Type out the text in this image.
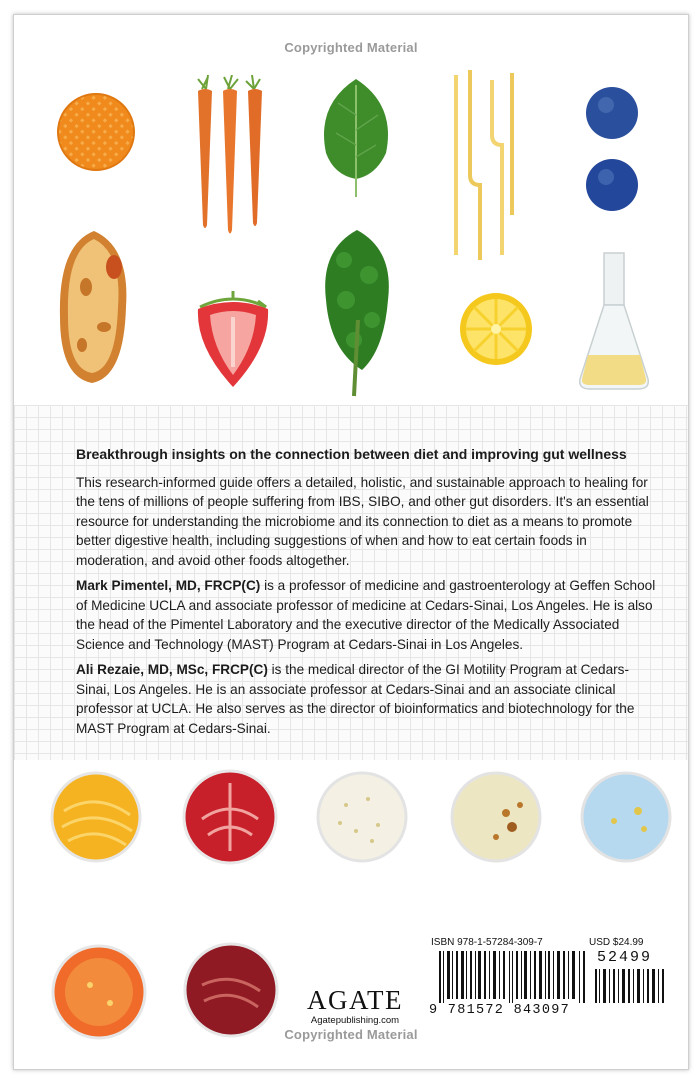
Copyrighted Material
Breakthrough insights on the connection between diet and improving gut wellness
This research-informed guide offers a detailed, holistic, and sustainable approach to healing for the tens of millions of people suffering from IBS, SIBO, and other gut disorders. It's an essential resource for understanding the microbiome and its connection to diet as a means to promote better digestive health, including suggestions of when and how to eat certain foods in moderation, and avoid other foods altogether.
Mark Pimentel, MD, FRCP(C) is a professor of medicine and gastroenterology at Geffen School of Medicine UCLA and associate professor of medicine at Cedars-Sinai, Los Angeles. He is also the head of the Pimentel Laboratory and the executive director of the Medically Associated Science and Technology (MAST) Program at Cedars-Sinai in Los Angeles.
Ali Rezaie, MD, MSc, FRCP(C) is the medical director of the GI Motility Program at Cedars-Sinai, Los Angeles. He is an associate professor at Cedars-Sinai and an associate clinical professor at UCLA. He also serves as the director of bioinformatics and biotechnology for the MAST Program at Cedars-Sinai.
AGATE
Agatepublishing.com
ISBN 978-1-57284-309-7	USD $24.99
52499
9 781572 843097
Copyrighted Material
